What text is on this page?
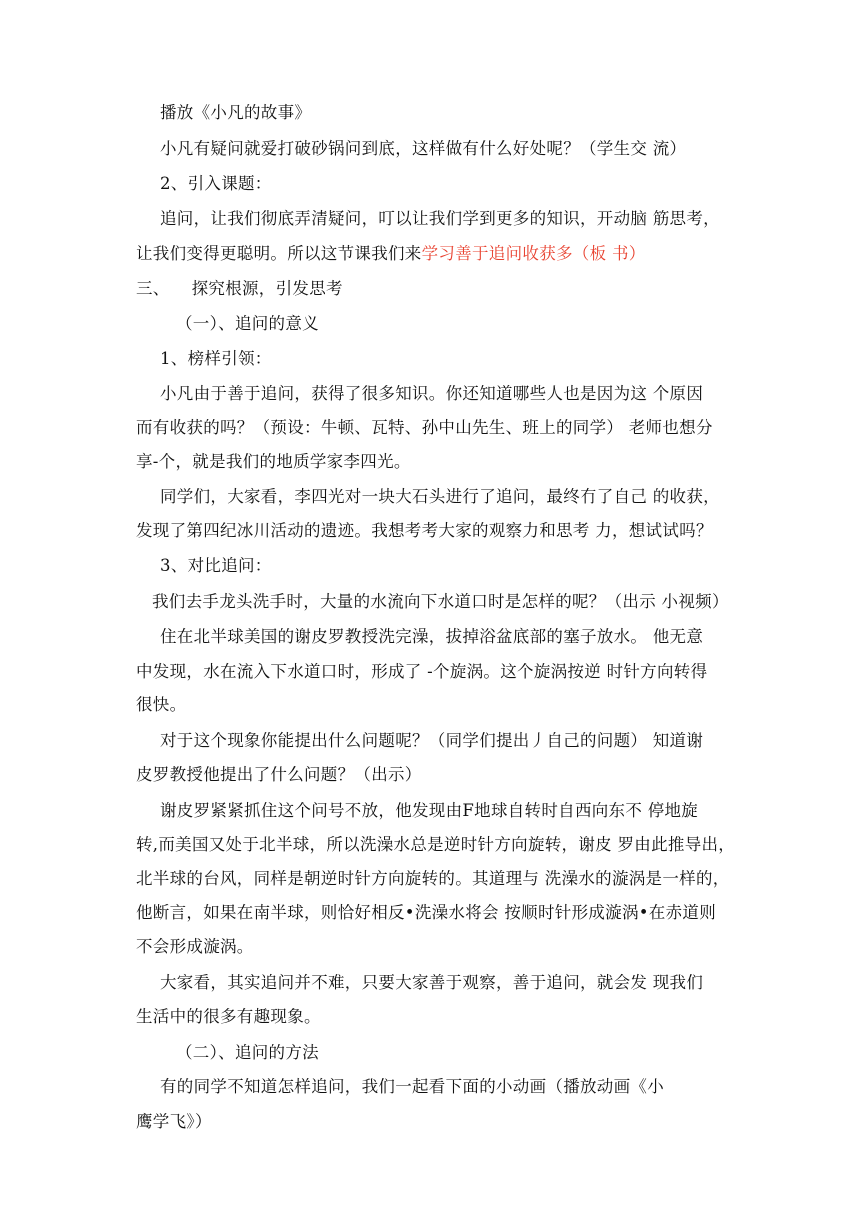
播放《小凡的故事》
小凡有疑问就爱打破砂锅问到底，这样做有什么好处呢？（学生交 流）
2、引入课题：
追问，让我们彻底弄清疑问，叮以让我们学到更多的知识，开动脑 筋思考，
让我们变得更聪明。所以这节课我们来学习善于追问收获多（板 书）
三、 探究根源，引发思考
（一）、追问的意义
1、榜样引领：
小凡由于善于追问，获得了很多知识。你还知道哪些人也是因为这 个原因
而有收获的吗？（预设：牛顿、瓦特、孙中山先生、班上的同学） 老师也想分
享-个，就是我们的地质学家李四光。
同学们，大家看，李四光对一块大石头进行了追问，最终冇了自己 的收获，
发现了第四纪冰川活动的遗迹。我想考考大家的观察力和思考 力，想试试吗？
3、对比追问：
我们去手龙头洗手时，大量的水流向下水道口时是怎样的呢？（出示 小视频）
住在北半球美国的谢皮罗教授洗完澡，拔掉浴盆底部的塞子放水。 他无意
中发现，水在流入下水道口时，形成了 -个旋涡。这个旋涡按逆 时针方向转得
很快。
对于这个现象你能提出什么问题呢？（同学们提出丿自己的问题） 知道谢
皮罗教授他提出了什么问题？（出示）
谢皮罗紧紧抓住这个问号不放，他发现由F地球自转时自西向东不 停地旋
转,而美国又处于北半球，所以洗澡水总是逆时针方向旋转，谢皮 罗由此推导出，
北半球的台风，同样是朝逆时针方向旋转的。其道理与 洗澡水的漩涡是一样的，
他断言，如果在南半球，则恰好相反•洗澡水将会 按顺时针形成漩涡•在赤道则
不会形成漩涡。
大家看，其实追问并不难，只要大家善于观察，善于追问，就会发 现我们
生活中的很多有趣现象。
（二）、追问的方法
有的同学不知道怎样追问，我们一起看下面的小动画（播放动画《小
鹰学飞》）
